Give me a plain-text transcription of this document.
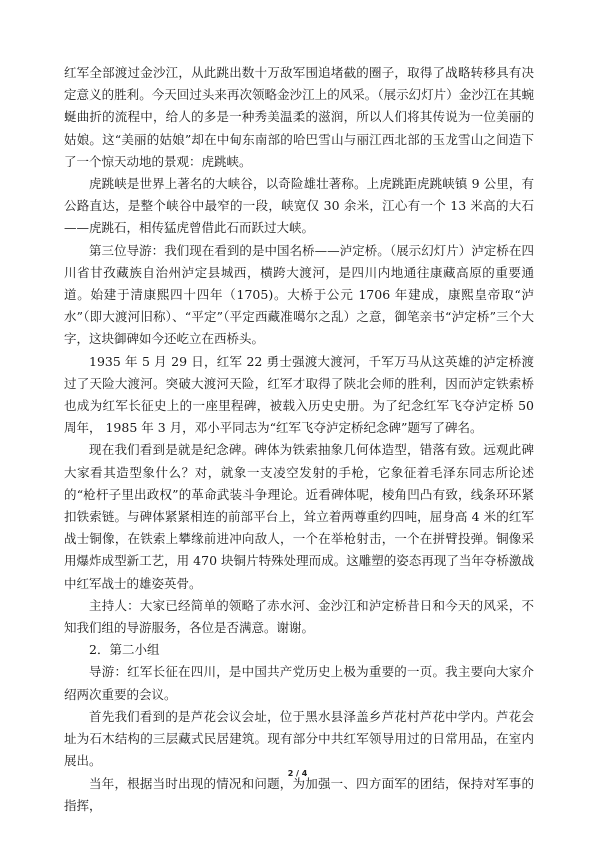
红军全部渡过金沙江，从此跳出数十万敌军围追堵截的圈子，取得了战略转移具有决定意义的胜利。今天回过头来再次领略金沙江上的风采。（展示幻灯片）金沙江在其蜿蜒曲折的流程中，给人的多是一种秀美温柔的滋润，所以人们将其传说为一位美丽的姑娘。这“美丽的姑娘”却在中甸东南部的哈巴雪山与丽江西北部的玉龙雪山之间造下了一个惊天动地的景观：虎跳峡。

虎跳峡是世界上著名的大峡谷，以奇险雄壮著称。上虎跳距虎跳峡镇 9 公里，有公路直达，是整个峡谷中最窄的一段，峡宽仅 30 余米，江心有一个 13 米高的大石——虎跳石，相传猛虎曾借此石而跃过大峡。

第三位导游：我们现在看到的是中国名桥——泸定桥。（展示幻灯片）泸定桥在四川省甘孜藏族自治州泸定县城西，横跨大渡河，是四川内地通往康藏高原的重要通道。始建于清康熙四十四年（1705)。大桥于公元 1706 年建成，康熙皇帝取“泸水”（即大渡河旧称）、“平定”（平定西藏准噶尔之乱）之意，御笔亲书“泸定桥”三个大字，这块御碑如今还屹立在西桥头。

1935 年 5 月 29 日，红军 22 勇士强渡大渡河，千军万马从这英雄的泸定桥渡过了天险大渡河。突破大渡河天险，红军才取得了陕北会师的胜利，因而泸定铁索桥也成为红军长征史上的一座里程碑，被载入历史史册。为了纪念红军飞夺泸定桥 50 周年， 1985 年 3 月，邓小平同志为“红军飞夺泸定桥纪念碑”题写了碑名。

现在我们看到是就是纪念碑。碑体为铁索抽象几何体造型，错落有致。远观此碑大家看其造型象什么？对，就象一支凌空发射的手枪，它象征着毛泽东同志所论述的“枪杆子里出政权”的革命武装斗争理论。近看碑体呢，棱角凹凸有致，线条环环紧扣铁索链。与碑体紧紧相连的前部平台上，耸立着两尊重约四吨，屈身高 4 米的红军战士铜像，在铁索上攀缘前进冲向敌人，一个在举枪射击，一个在拼臂投弹。铜像采用爆炸成型新工艺，用 470 块铜片特殊处理而成。这雕塑的姿态再现了当年夺桥激战中红军战士的雄姿英骨。

主持人：大家已经简单的领略了赤水河、金沙江和泸定桥昔日和今天的风采，不知我们组的导游服务，各位是否满意。谢谢。

2．第二小组

导游：红军长征在四川，是中国共产党历史上极为重要的一页。我主要向大家介绍两次重要的会议。

首先我们看到的是芦花会议会址，位于黑水县泽盖乡芦花村芦花中学内。芦花会址为石木结构的三层藏式民居建筑。现有部分中共红军领导用过的日常用品，在室内展出。

当年，根据当时出现的情况和问题，为加强一、四方面军的团结，保持对军事的指挥，

2 / 4
